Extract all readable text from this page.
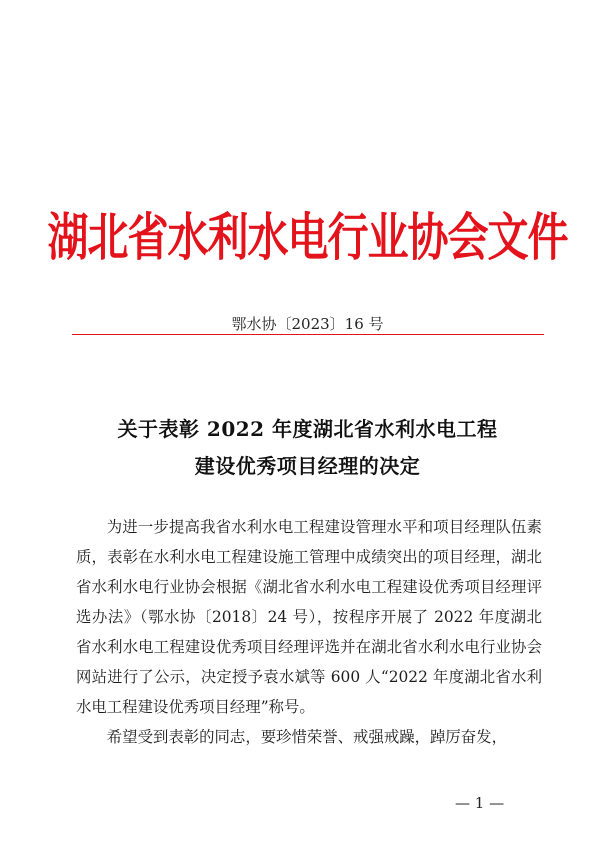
湖北省水利水电行业协会文件
鄂水协〔2023〕16 号
关于表彰 2022 年度湖北省水利水电工程
建设优秀项目经理的决定

为进一步提高我省水利水电工程建设管理水平和项目经理队伍素质，表彰在水利水电工程建设施工管理中成绩突出的项目经理，湖北省水利水电行业协会根据《湖北省水利水电工程建设优秀项目经理评选办法》（鄂水协〔2018〕24 号），按程序开展了 2022 年度湖北省水利水电工程建设优秀项目经理评选并在湖北省水利水电行业协会网站进行了公示，决定授予袁水斌等 600 人“2022 年度湖北省水利水电工程建设优秀项目经理”称号。

希望受到表彰的同志，要珍惜荣誉、戒强戒躁，踔厉奋发，

— 1 —
